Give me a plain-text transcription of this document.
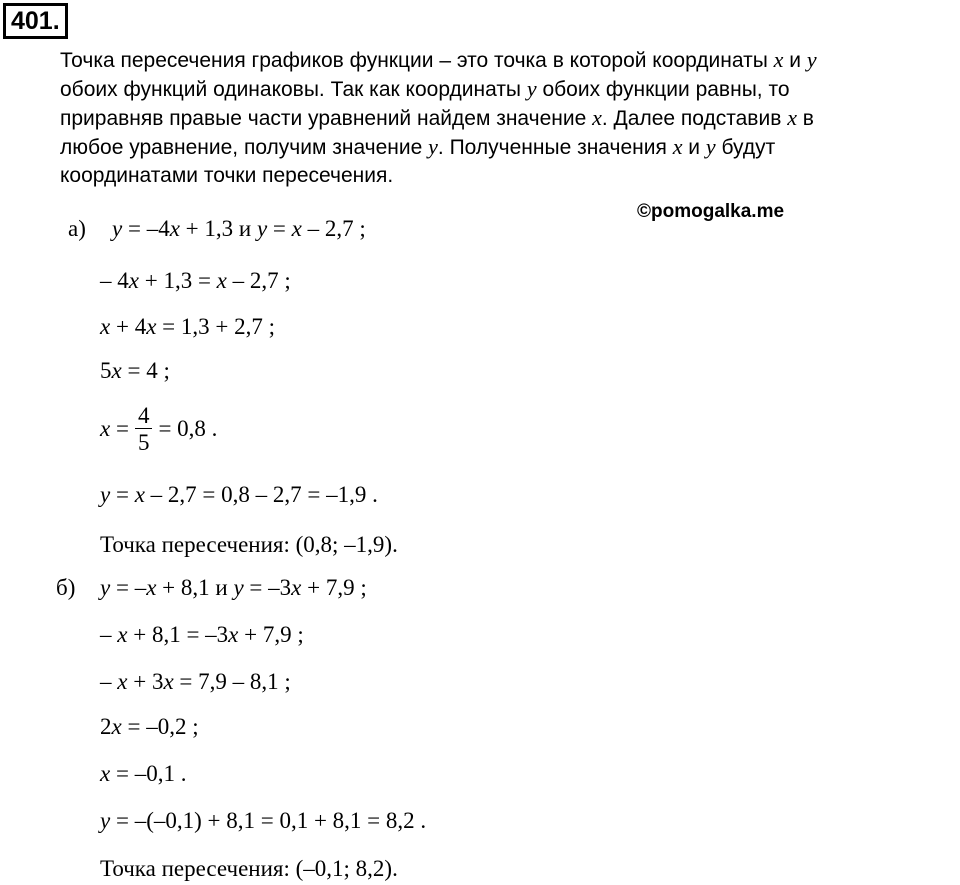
401.
Точка пересечения графиков функции – это точка в которой координаты x и y
обоих функций одинаковы. Так как координаты y обоих функции равны, то
приравняв правые части уравнений найдем значение x. Далее подставив x в
любое уравнение, получим значение y. Полученные значения x и y будут
координатами точки пересечения.
©pomogalka.me
а) y = –4x + 1,3 и y = x – 2,7 ;
– 4x + 1,3 = x – 2,7 ;
x + 4x = 1,3 + 2,7 ;
5x = 4 ;
$x = \frac{4}{5} = 0,8$ .
y = x – 2,7 = 0,8 – 2,7 = –1,9 .
Точка пересечения: (0,8; –1,9).
б) y = –x + 8,1 и y = –3x + 7,9 ;
– x + 8,1 = –3x + 7,9 ;
– x + 3x = 7,9 – 8,1 ;
2x = –0,2 ;
x = –0,1 .
y = –(–0,1) + 8,1 = 0,1 + 8,1 = 8,2 .
Точка пересечения: (–0,1; 8,2).
